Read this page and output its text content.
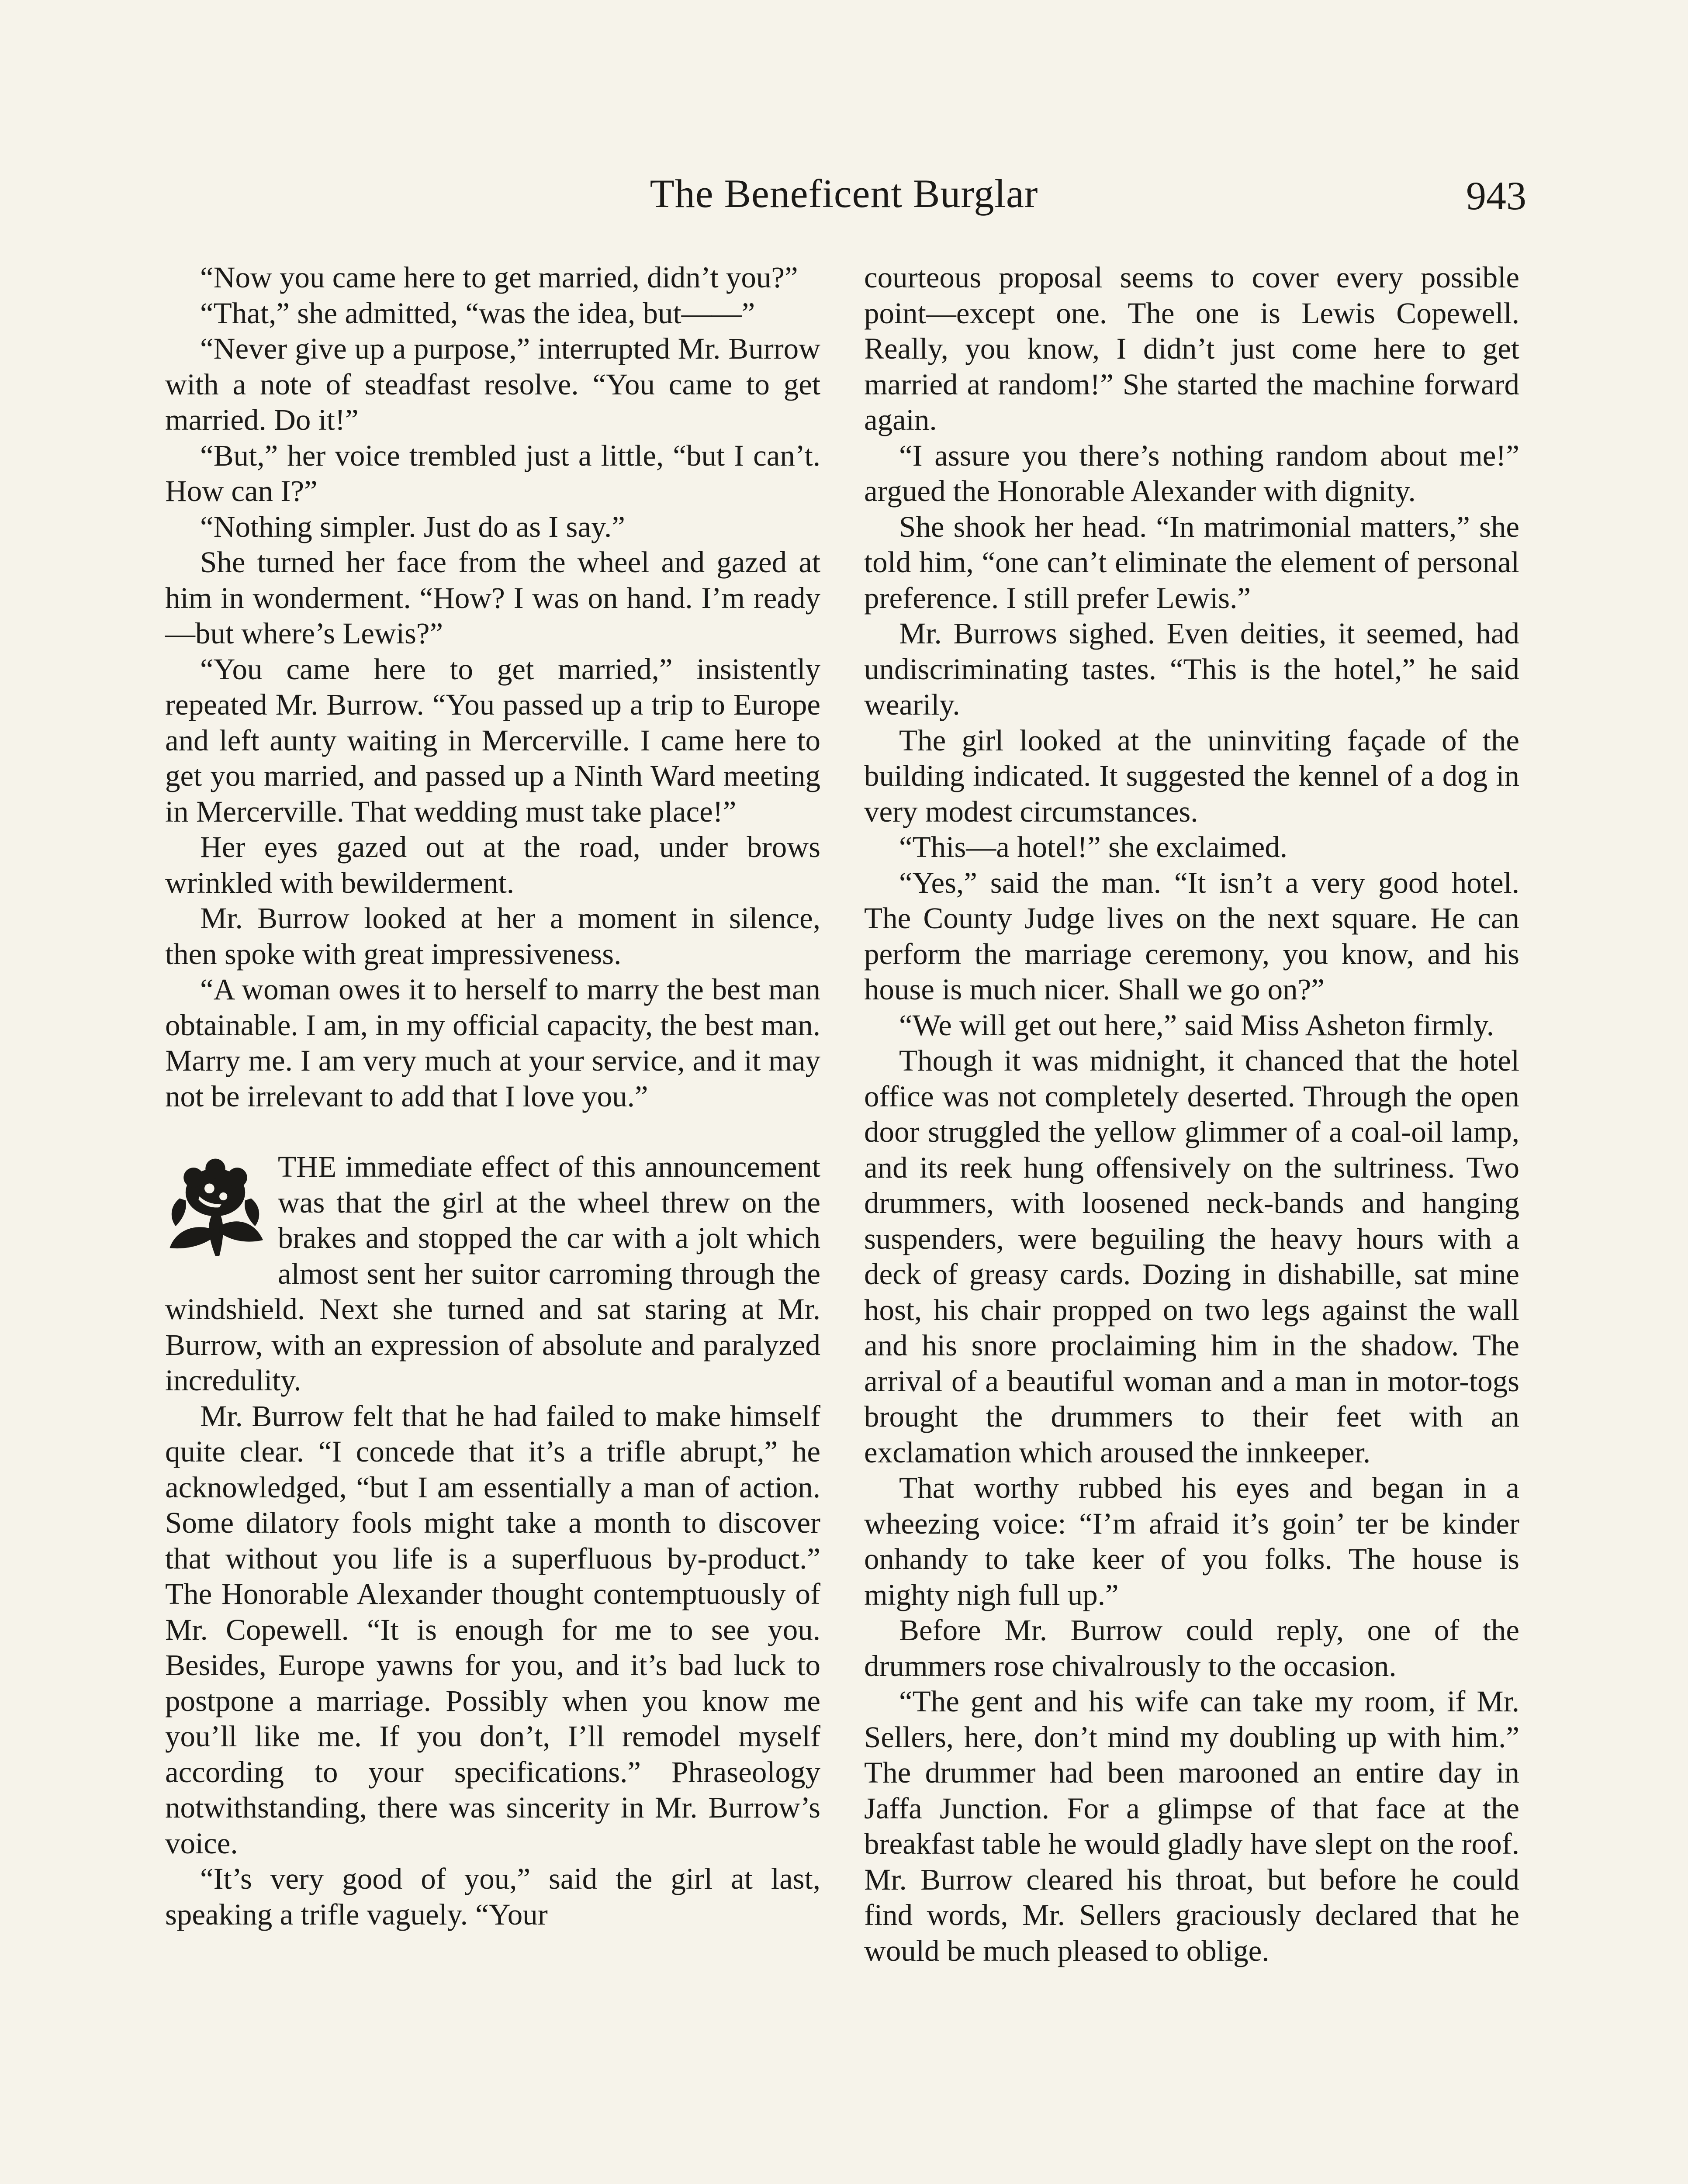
The Beneficent Burglar	943

“Now you came here to get married, didn’t you?”

“That,” she admitted, “was the idea, but——”

“Never give up a purpose,” interrupted Mr. Burrow with a note of steadfast resolve. “You came to get married. Do it!”

“But,” her voice trembled just a little, “but I can’t. How can I?”

“Nothing simpler. Just do as I say.”

She turned her face from the wheel and gazed at him in wonderment. “How? I was on hand. I’m ready—but where’s Lewis?”

“You came here to get married,” insistently repeated Mr. Burrow. “You passed up a trip to Europe and left aunty waiting in Mercerville. I came here to get you married, and passed up a Ninth Ward meeting in Mercerville. That wedding must take place!”

Her eyes gazed out at the road, under brows wrinkled with bewilderment.

Mr. Burrow looked at her a moment in silence, then spoke with great impressiveness.

“A woman owes it to herself to marry the best man obtainable. I am, in my official capacity, the best man. Marry me. I am very much at your service, and it may not be irrelevant to add that I love you.”

THE immediate effect of this announcement was that the girl at the wheel threw on the brakes and stopped the car with a jolt which almost sent her suitor carroming through the windshield. Next she turned and sat staring at Mr. Burrow, with an expression of absolute and paralyzed incredulity.

Mr. Burrow felt that he had failed to make himself quite clear. “I concede that it’s a trifle abrupt,” he acknowledged, “but I am essentially a man of action. Some dilatory fools might take a month to discover that without you life is a superfluous by-product.” The Honorable Alexander thought contemptuously of Mr. Copewell. “It is enough for me to see you. Besides, Europe yawns for you, and it’s bad luck to postpone a marriage. Possibly when you know me you’ll like me. If you don’t, I’ll remodel myself according to your specifications.” Phraseology notwithstanding, there was sincerity in Mr. Burrow’s voice.

“It’s very good of you,” said the girl at last, speaking a trifle vaguely. “Your

courteous proposal seems to cover every possible point—except one. The one is Lewis Copewell. Really, you know, I didn’t just come here to get married at random!” She started the machine forward again.

“I assure you there’s nothing random about me!” argued the Honorable Alexander with dignity.

She shook her head. “In matrimonial matters,” she told him, “one can’t eliminate the element of personal preference. I still prefer Lewis.”

Mr. Burrows sighed. Even deities, it seemed, had undiscriminating tastes. “This is the hotel,” he said wearily.

The girl looked at the uninviting façade of the building indicated. It suggested the kennel of a dog in very modest circumstances.

“This—a hotel!” she exclaimed.

“Yes,” said the man. “It isn’t a very good hotel. The County Judge lives on the next square. He can perform the marriage ceremony, you know, and his house is much nicer. Shall we go on?”

“We will get out here,” said Miss Asheton firmly.

Though it was midnight, it chanced that the hotel office was not completely deserted. Through the open door struggled the yellow glimmer of a coal-oil lamp, and its reek hung offensively on the sultriness. Two drummers, with loosened neck-bands and hanging suspenders, were beguiling the heavy hours with a deck of greasy cards. Dozing in dishabille, sat mine host, his chair propped on two legs against the wall and his snore proclaiming him in the shadow. The arrival of a beautiful woman and a man in motor-togs brought the drummers to their feet with an exclamation which aroused the innkeeper.

That worthy rubbed his eyes and began in a wheezing voice: “I’m afraid it’s goin’ ter be kinder onhandy to take keer of you folks. The house is mighty nigh full up.”

Before Mr. Burrow could reply, one of the drummers rose chivalrously to the occasion.

“The gent and his wife can take my room, if Mr. Sellers, here, don’t mind my doubling up with him.” The drummer had been marooned an entire day in Jaffa Junction. For a glimpse of that face at the breakfast table he would gladly have slept on the roof. Mr. Burrow cleared his throat, but before he could find words, Mr. Sellers graciously declared that he would be much pleased to oblige.
